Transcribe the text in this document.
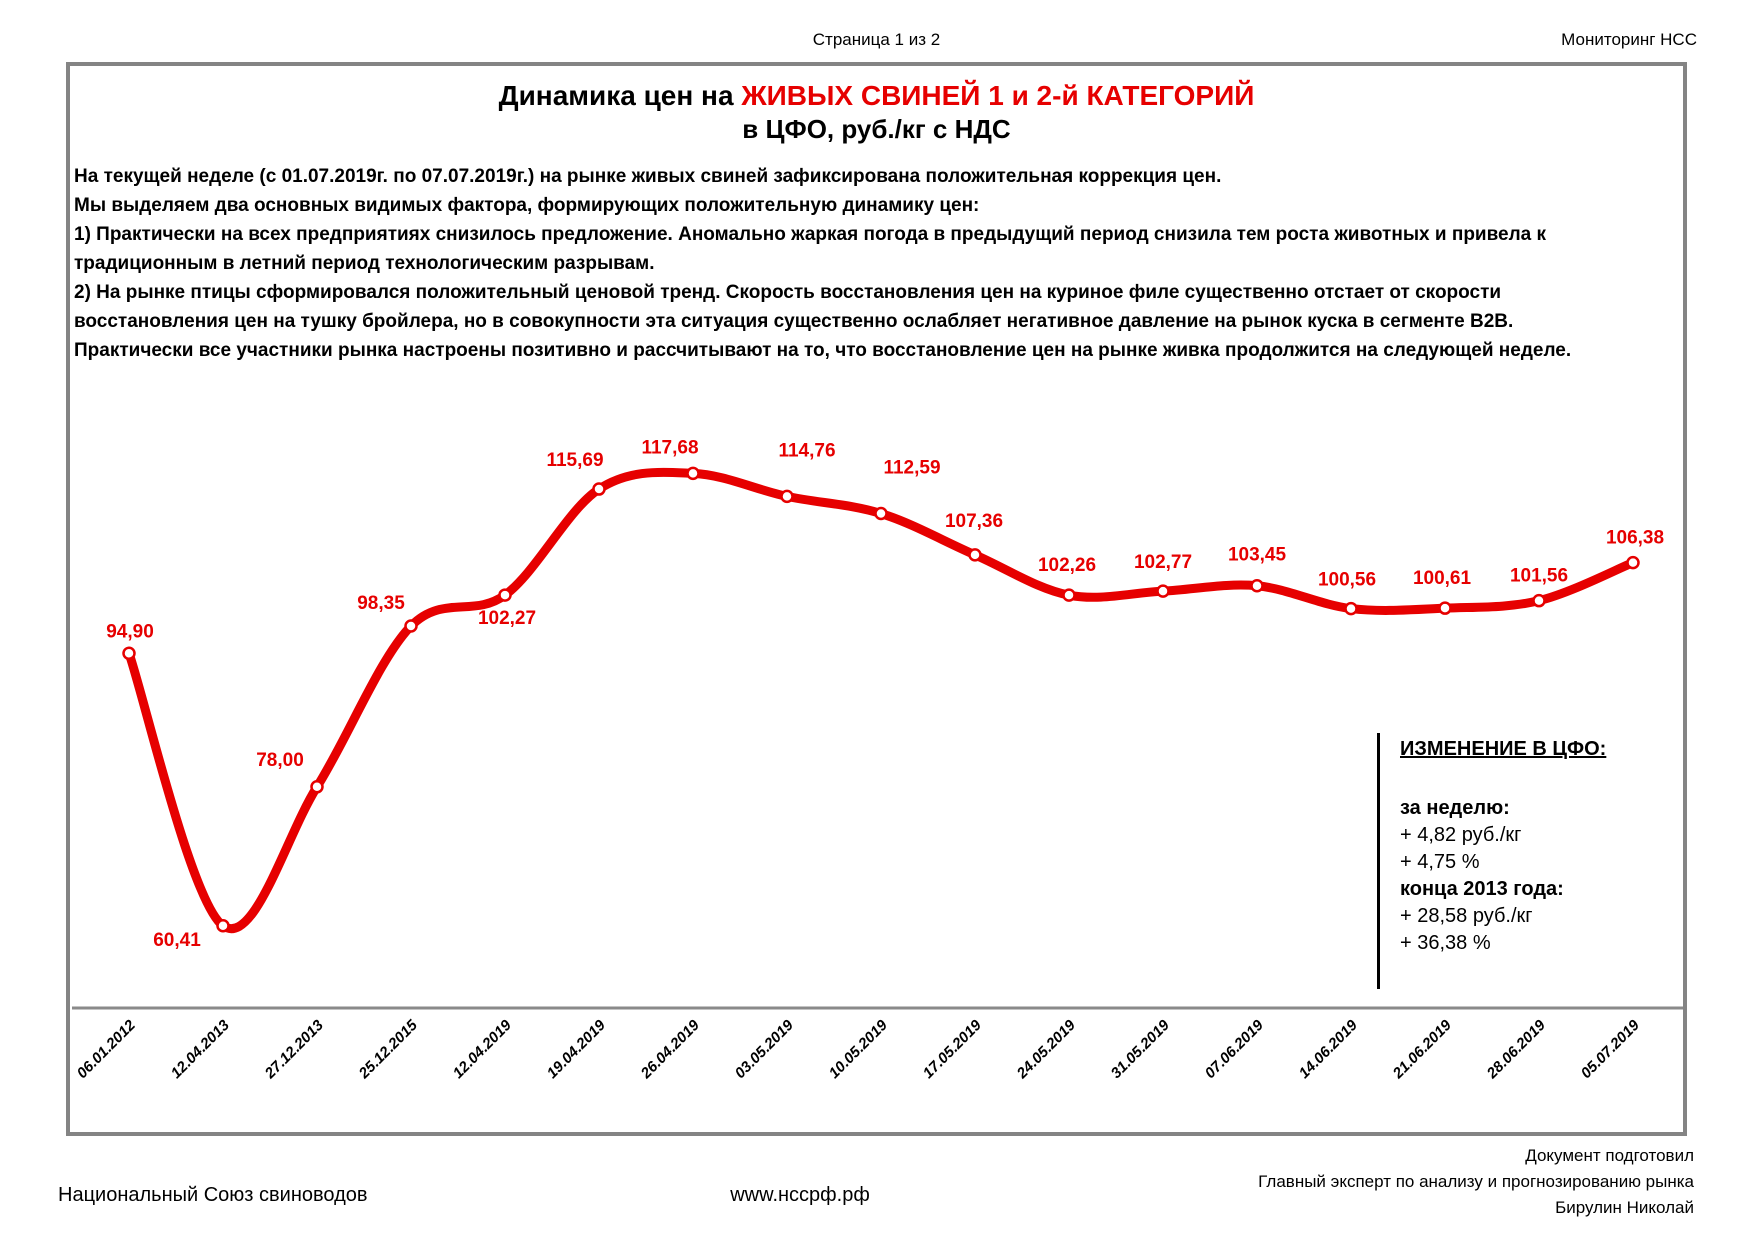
Страница 1 из 2	Мониторинг НСС
Динамика цен на ЖИВЫХ СВИНЕЙ 1 и 2-й КАТЕГОРИЙ
в ЦФО, руб./кг с НДС
На текущей неделе (с 01.07.2019г. по 07.07.2019г.) на рынке живых свиней зафиксирована положительная коррекция цен.
Мы выделяем два основных видимых фактора, формирующих положительную динамику цен:
1) Практически на всех предприятиях снизилось предложение. Аномально жаркая погода в предыдущий период снизила тем роста животных и привела к
традиционным в летний период технологическим разрывам.
2) На рынке птицы сформировался положительный ценовой тренд. Скорость восстановления цен на куриное филе существенно отстает от скорости
восстановления цен на тушку бройлера, но в совокупности эта ситуация существенно ослабляет негативное давление на рынок куска в сегменте В2В.
Практически все участники рынка настроены позитивно и рассчитывают на то, что восстановление цен на рынке живка продолжится на следующей неделе.
94,90
60,41
78,00
98,35
102,27
115,69
117,68	114,76
112,59
107,36
102,26 102,77 103,45
100,56 100,61 101,56
106,38
06.01.2012 12.04.2013 27.12.2013 25.12.2015 12.04.2019 19.04.2019 26.04.2019 03.05.2019 10.05.2019 17.05.2019 24.05.2019 31.05.2019 07.06.2019 14.06.2019 21.06.2019 28.06.2019 05.07.2019
ИЗМЕНЕНИЕ В ЦФО:
за неделю:
+ 4,82 руб./кг
+ 4,75 %
конца 2013 года:
+ 28,58 руб./кг
+ 36,38 %
Национальный Союз свиноводов	www.нссрф.рф
Документ подготовил
Главный эксперт по анализу и прогнозированию рынка
Бирулин Николай
